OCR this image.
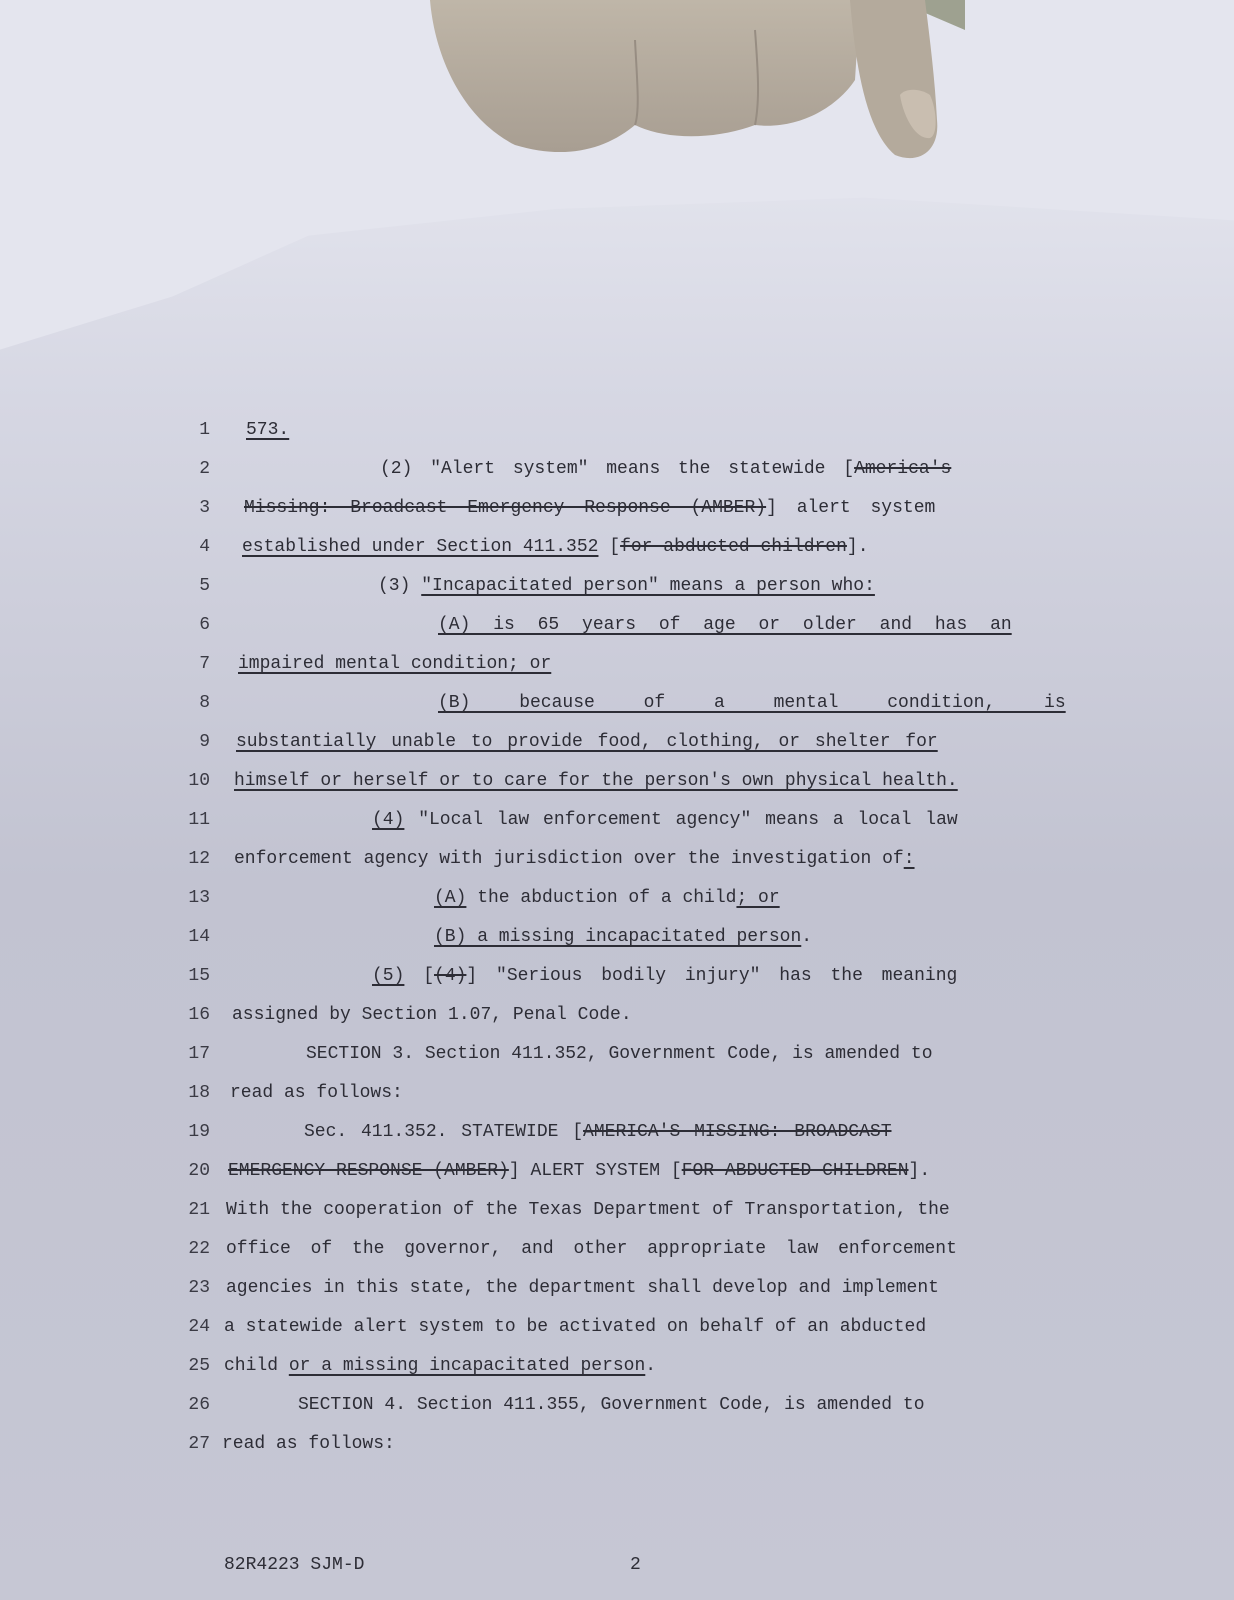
1 573.
2	(2) "Alert system" means the statewide [America's
3 Missing: Broadcast Emergency Response (AMBER)] alert system
4 established under Section 411.352 [for abducted children].
5	(3) "Incapacitated person" means a person who:
6	(A) is 65 years of age or older and has an
7 impaired mental condition; or
8	(B) because of a mental condition, is
9 substantially unable to provide food, clothing, or shelter for
10 himself or herself or to care for the person's own physical health.
11	(4) "Local law enforcement agency" means a local law
12 enforcement agency with jurisdiction over the investigation of:
13	(A) the abduction of a child; or
14	(B) a missing incapacitated person.
15	(5) [(4)] "Serious bodily injury" has the meaning
16 assigned by Section 1.07, Penal Code.
17	SECTION 3. Section 411.352, Government Code, is amended to
18 read as follows:
19	Sec. 411.352. STATEWIDE [AMERICA'S MISSING: BROADCAST
20 EMERGENCY RESPONSE (AMBER)] ALERT SYSTEM [FOR ABDUCTED CHILDREN].
21 With the cooperation of the Texas Department of Transportation, the
22 office of the governor, and other appropriate law enforcement
23 agencies in this state, the department shall develop and implement
24 a statewide alert system to be activated on behalf of an abducted
25 child or a missing incapacitated person.
26	SECTION 4. Section 411.355, Government Code, is amended to
27 read as follows:
82R4223 SJM-D	2
